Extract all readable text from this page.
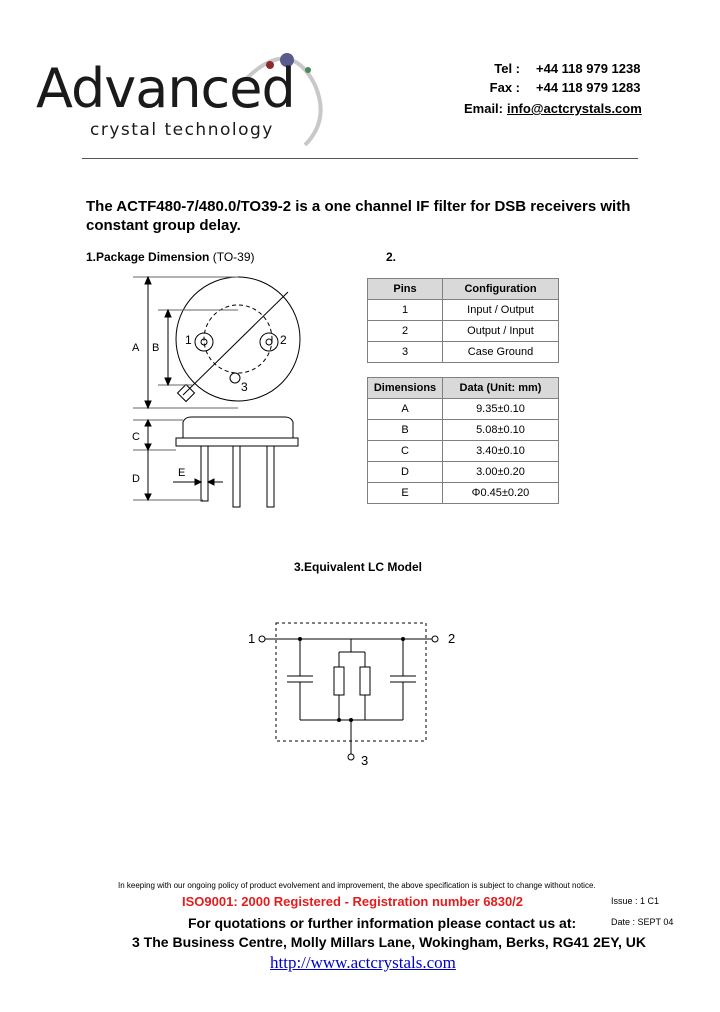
Advanced
crystal technology
Tel : +44 118 979 1238
Fax : +44 118 979 1283
Email: info@actcrystals.com
The ACTF480-7/480.0/TO39-2 is a one channel IF filter for DSB receivers with constant group delay.
1.Package Dimension (TO-39)	2.
A B
C
D	E
1	2
3
Pins	Configuration
1	Input / Output
2	Output / Input
3	Case Ground
Dimensions	Data (Unit: mm)
A	9.35±0.10
B	5.08±0.10
C	3.40±0.10
D	3.00±0.20
E	Φ0.45±0.20
3.Equivalent LC Model
1	2
3
In keeping with our ongoing policy of product evolvement and improvement, the above specification is subject to change without notice.
ISO9001: 2000 Registered - Registration number 6830/2
For quotations or further information please contact us at:
3 The Business Centre, Molly Millars Lane, Wokingham, Berks, RG41 2EY, UK
http://www.actcrystals.com
Issue : 1 C1
Date : SEPT 04
